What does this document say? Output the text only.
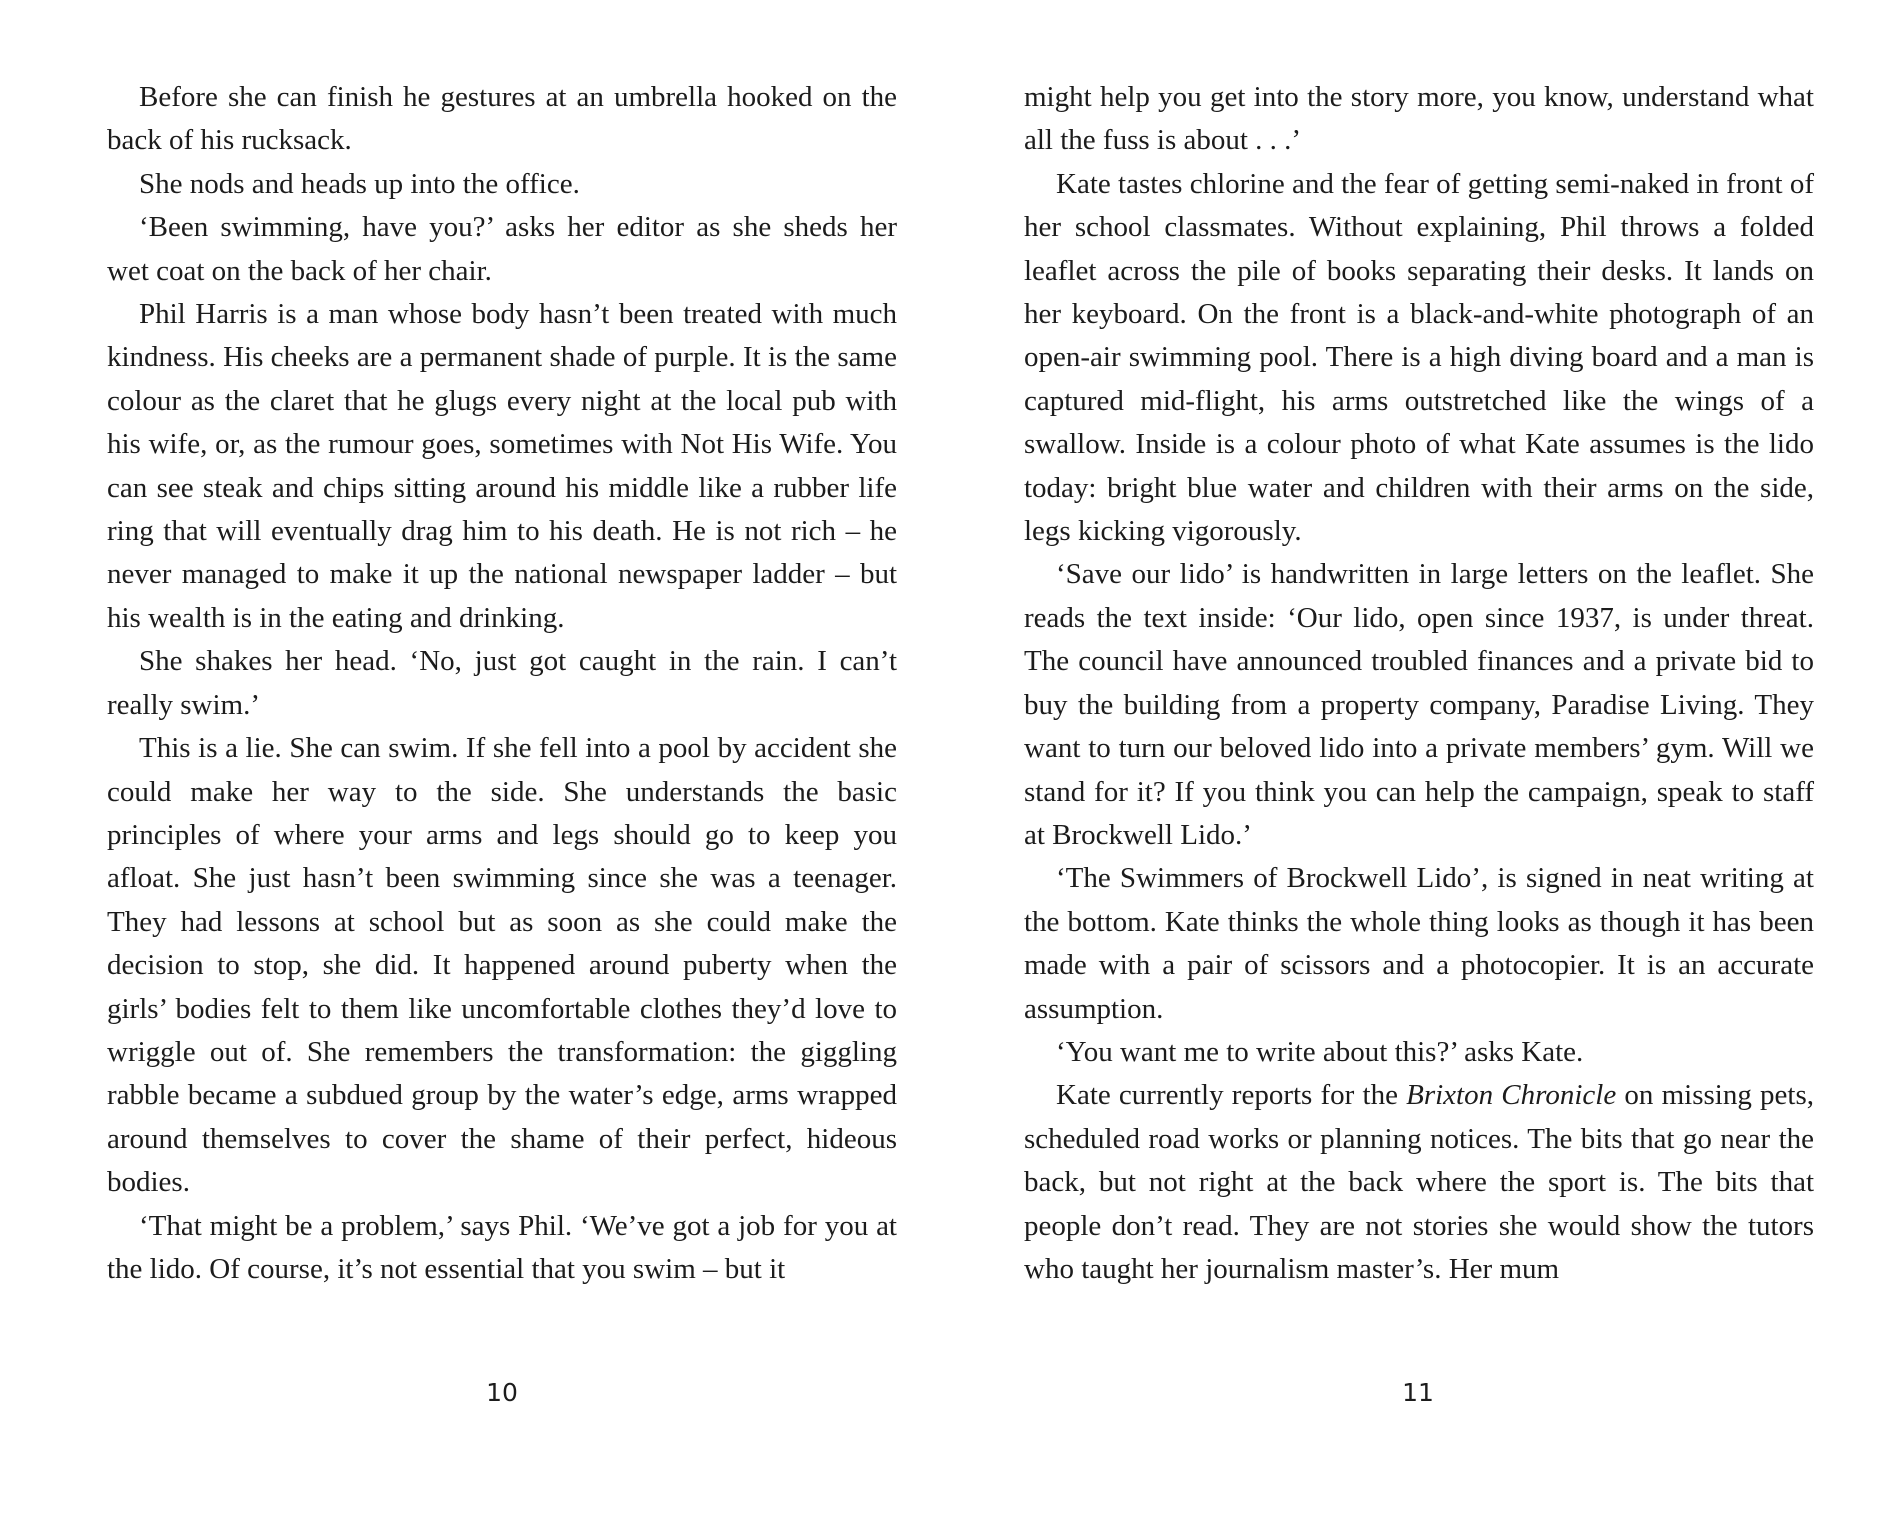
Before she can finish he gestures at an umbrella hooked on the back of his rucksack.

She nods and heads up into the office.

‘Been swimming, have you?’ asks her editor as she sheds her wet coat on the back of her chair.

Phil Harris is a man whose body hasn’t been treated with much kindness. His cheeks are a permanent shade of purple. It is the same colour as the claret that he glugs every night at the local pub with his wife, or, as the rumour goes, sometimes with Not His Wife. You can see steak and chips sitting around his middle like a rubber life ring that will eventually drag him to his death. He is not rich – he never managed to make it up the national newspaper ladder – but his wealth is in the eating and drinking.

She shakes her head. ‘No, just got caught in the rain. I can’t really swim.’

This is a lie. She can swim. If she fell into a pool by accident she could make her way to the side. She understands the basic principles of where your arms and legs should go to keep you afloat. She just hasn’t been swimming since she was a teenager. They had lessons at school but as soon as she could make the decision to stop, she did. It happened around puberty when the girls’ bodies felt to them like uncomfortable clothes they’d love to wriggle out of. She remembers the transformation: the giggling rabble became a subdued group by the water’s edge, arms wrapped around themselves to cover the shame of their perfect, hideous bodies.

‘That might be a problem,’ says Phil. ‘We’ve got a job for you at the lido. Of course, it’s not essential that you swim – but it

10

might help you get into the story more, you know, understand what all the fuss is about . . .’

Kate tastes chlorine and the fear of getting semi-naked in front of her school classmates. Without explaining, Phil throws a folded leaflet across the pile of books separating their desks. It lands on her keyboard. On the front is a black-and-white photograph of an open-air swimming pool. There is a high diving board and a man is captured mid-flight, his arms outstretched like the wings of a swallow. Inside is a colour photo of what Kate assumes is the lido today: bright blue water and children with their arms on the side, legs kicking vigorously.

‘Save our lido’ is handwritten in large letters on the leaflet. She reads the text inside: ‘Our lido, open since 1937, is under threat. The council have announced troubled finances and a private bid to buy the building from a property company, Paradise Living. They want to turn our beloved lido into a private members’ gym. Will we stand for it? If you think you can help the campaign, speak to staff at Brockwell Lido.’

‘The Swimmers of Brockwell Lido’, is signed in neat writing at the bottom. Kate thinks the whole thing looks as though it has been made with a pair of scissors and a photocopier. It is an accurate assumption.

‘You want me to write about this?’ asks Kate.

Kate currently reports for the Brixton Chronicle on missing pets, scheduled road works or planning notices. The bits that go near the back, but not right at the back where the sport is. The bits that people don’t read. They are not stories she would show the tutors who taught her journalism master’s. Her mum

11
